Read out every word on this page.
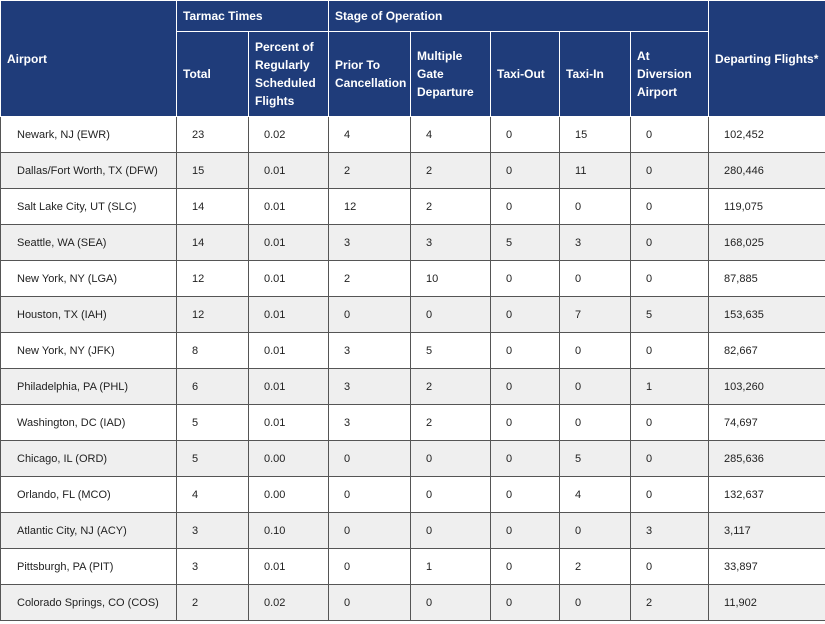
Airport	Tarmac Times		Stage of Operation					Departing Flights*
	Total	Percent of Regularly Scheduled Flights	Prior To Cancellation	Multiple Gate Departure	Taxi-Out	Taxi-In	At Diversion Airport	
Newark, NJ (EWR)	23	0.02	4	4	0	15	0	102,452
Dallas/Fort Worth, TX (DFW)	15	0.01	2	2	0	11	0	280,446
Salt Lake City, UT (SLC)	14	0.01	12	2	0	0	0	119,075
Seattle, WA (SEA)	14	0.01	3	3	5	3	0	168,025
New York, NY (LGA)	12	0.01	2	10	0	0	0	87,885
Houston, TX (IAH)	12	0.01	0	0	0	7	5	153,635
New York, NY (JFK)	8	0.01	3	5	0	0	0	82,667
Philadelphia, PA (PHL)	6	0.01	3	2	0	0	1	103,260
Washington, DC (IAD)	5	0.01	3	2	0	0	0	74,697
Chicago, IL (ORD)	5	0.00	0	0	0	5	0	285,636
Orlando, FL (MCO)	4	0.00	0	0	0	4	0	132,637
Atlantic City, NJ (ACY)	3	0.10	0	0	0	0	3	3,117
Pittsburgh, PA (PIT)	3	0.01	0	1	0	2	0	33,897
Colorado Springs, CO (COS)	2	0.02	0	0	0	0	2	11,902
